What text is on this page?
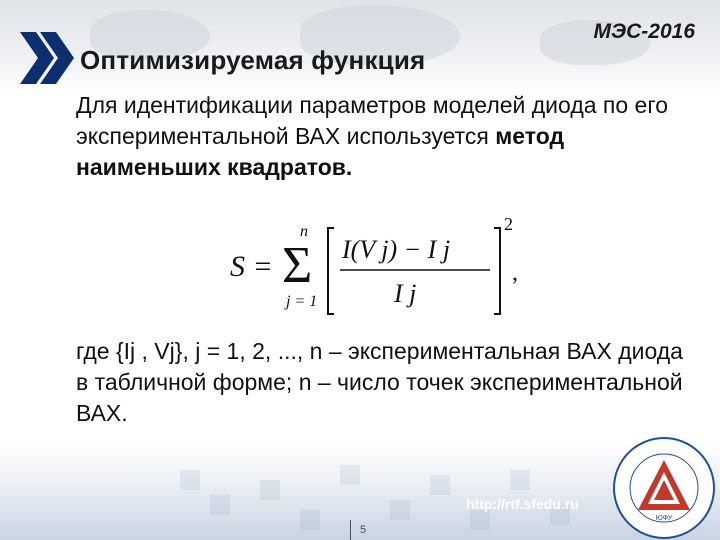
МЭС-2016
Оптимизируемая функция
Для идентификации параметров моделей диода по его экспериментальной ВАХ используется метод наименьших квадратов.
S = Σ
n
j = 1
I(V j) − I j
I j
2
,
где {Ij , Vj}, j = 1, 2, ..., n – экспериментальная ВАХ диода в табличной форме; n – число точек экспериментальной ВАХ.
http://rtf.sfedu.ru
5
ЮФУ
